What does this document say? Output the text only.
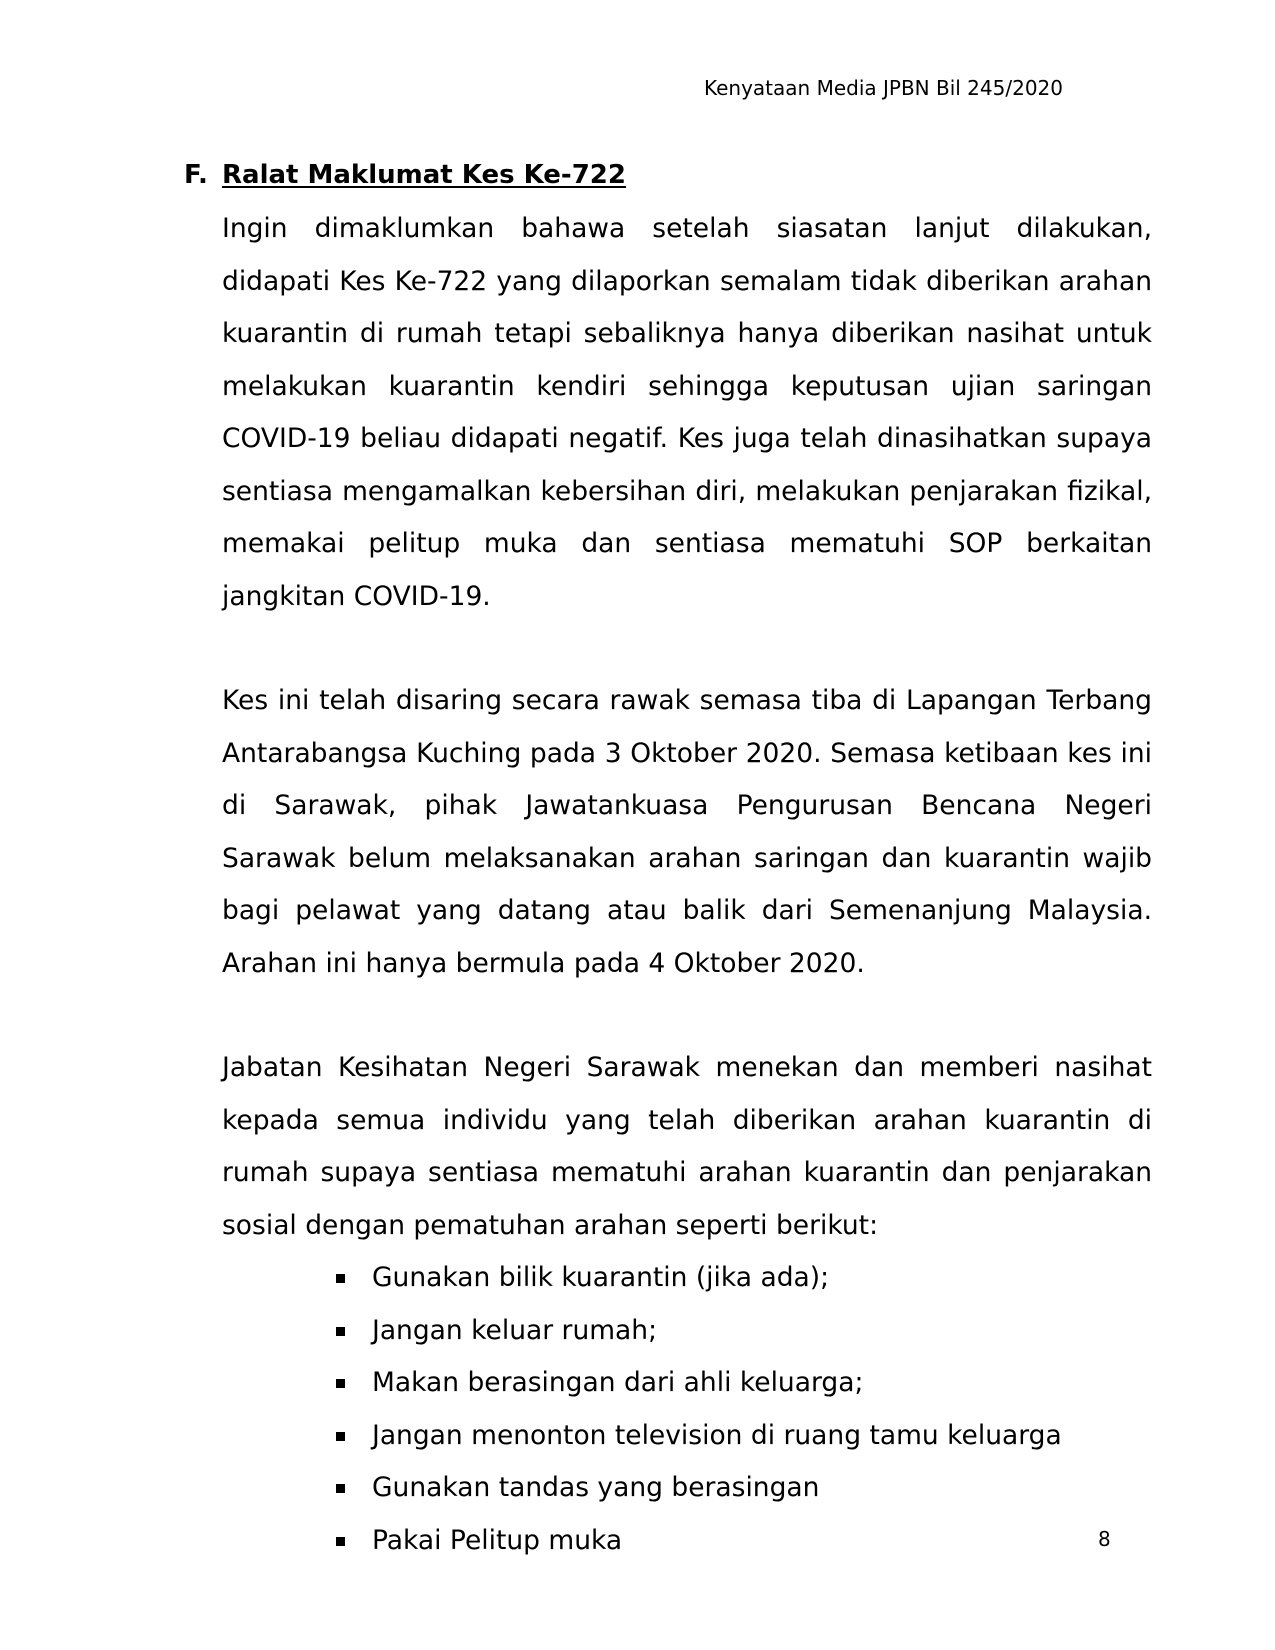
Kenyataan Media JPBN Bil 245/2020
F. Ralat Maklumat Kes Ke-722

Ingin dimaklumkan bahawa setelah siasatan lanjut dilakukan, didapati Kes Ke-722 yang dilaporkan semalam tidak diberikan arahan kuarantin di rumah tetapi sebaliknya hanya diberikan nasihat untuk melakukan kuarantin kendiri sehingga keputusan ujian saringan COVID-19 beliau didapati negatif. Kes juga telah dinasihatkan supaya sentiasa mengamalkan kebersihan diri, melakukan penjarakan fizikal, memakai pelitup muka dan sentiasa mematuhi SOP berkaitan jangkitan COVID-19.

Kes ini telah disaring secara rawak semasa tiba di Lapangan Terbang Antarabangsa Kuching pada 3 Oktober 2020. Semasa ketibaan kes ini di Sarawak, pihak Jawatankuasa Pengurusan Bencana Negeri Sarawak belum melaksanakan arahan saringan dan kuarantin wajib bagi pelawat yang datang atau balik dari Semenanjung Malaysia. Arahan ini hanya bermula pada 4 Oktober 2020.

Jabatan Kesihatan Negeri Sarawak menekan dan memberi nasihat kepada semua individu yang telah diberikan arahan kuarantin di rumah supaya sentiasa mematuhi arahan kuarantin dan penjarakan sosial dengan pematuhan arahan seperti berikut:

Gunakan bilik kuarantin (jika ada);
Jangan keluar rumah;
Makan berasingan dari ahli keluarga;
Jangan menonton television di ruang tamu keluarga
Gunakan tandas yang berasingan
Pakai Pelitup muka	8
